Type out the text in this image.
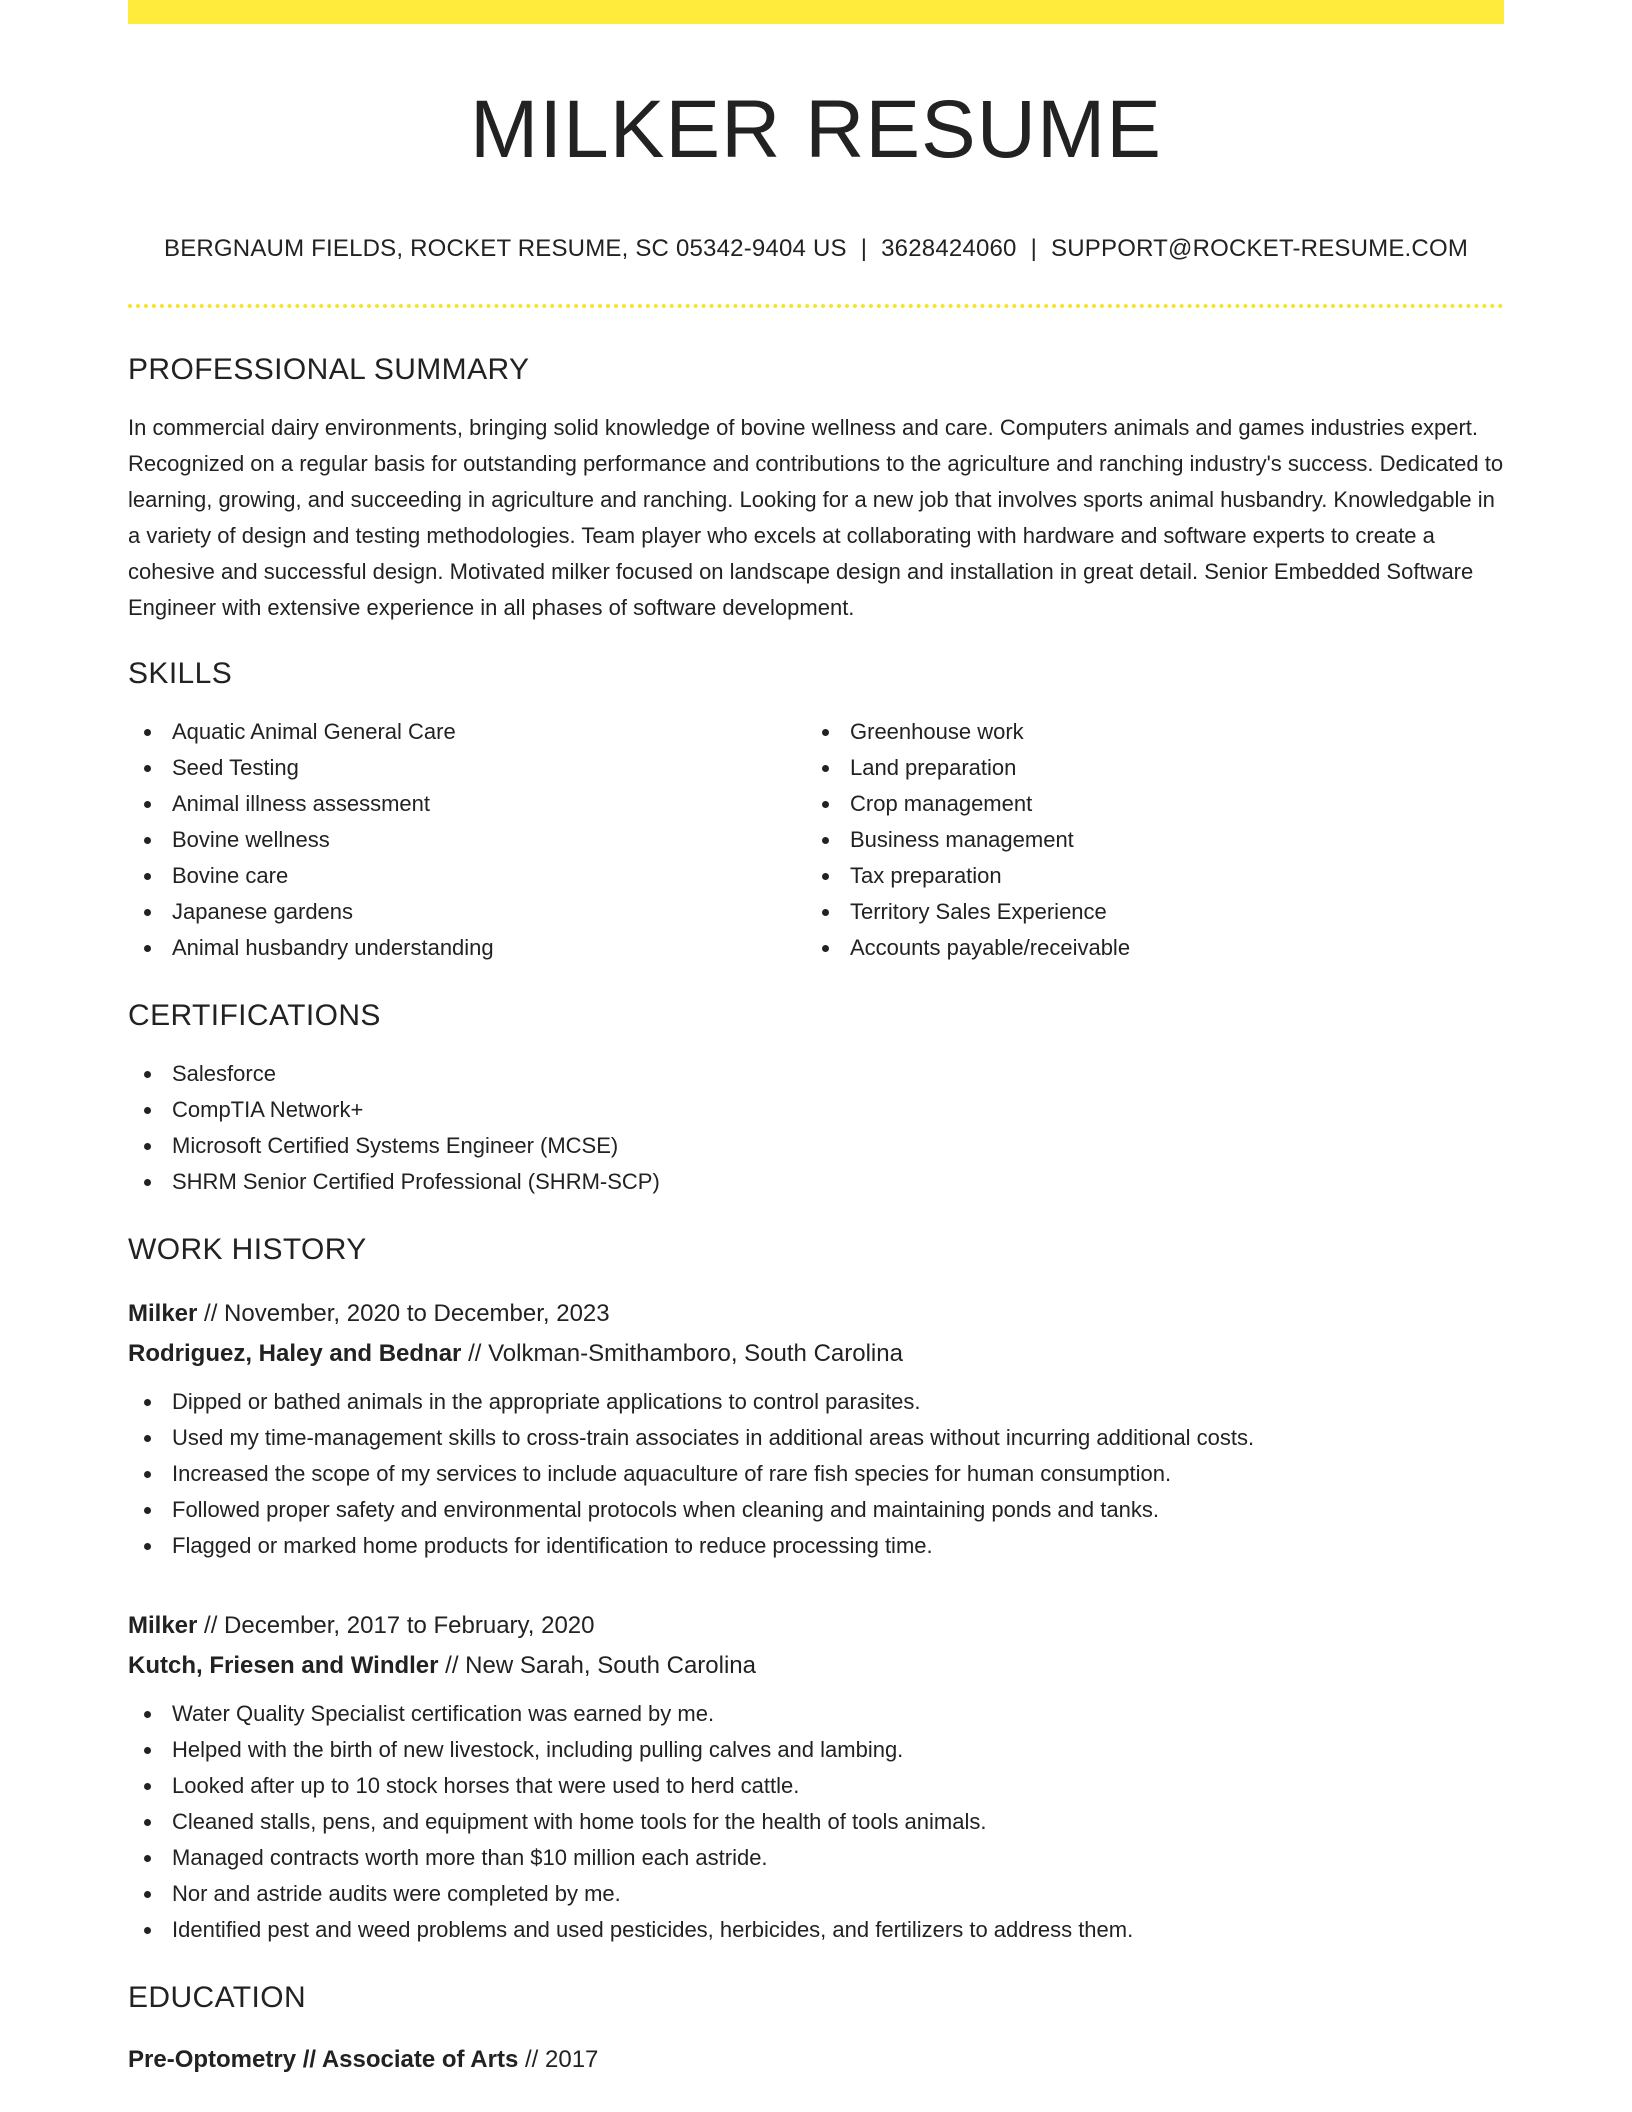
MILKER RESUME
BERGNAUM FIELDS, ROCKET RESUME, SC 05342-9404 US | 3628424060 | SUPPORT@ROCKET-RESUME.COM
PROFESSIONAL SUMMARY

In commercial dairy environments, bringing solid knowledge of bovine wellness and care. Computers animals and games industries expert. Recognized on a regular basis for outstanding performance and contributions to the agriculture and ranching industry's success. Dedicated to learning, growing, and succeeding in agriculture and ranching. Looking for a new job that involves sports animal husbandry. Knowledgable in a variety of design and testing methodologies. Team player who excels at collaborating with hardware and software experts to create a cohesive and successful design. Motivated milker focused on landscape design and installation in great detail. Senior Embedded Software Engineer with extensive experience in all phases of software development.

SKILLS
Aquatic Animal General Care
Seed Testing
Animal illness assessment
Bovine wellness
Bovine care
Japanese gardens
Animal husbandry understanding
Greenhouse work
Land preparation
Crop management
Business management
Tax preparation
Territory Sales Experience
Accounts payable/receivable
CERTIFICATIONS
Salesforce
CompTIA Network+
Microsoft Certified Systems Engineer (MCSE)
SHRM Senior Certified Professional (SHRM-SCP)
WORK HISTORY
Milker // November, 2020 to December, 2023
Rodriguez, Haley and Bednar // Volkman-Smithamboro, South Carolina
Dipped or bathed animals in the appropriate applications to control parasites.
Used my time-management skills to cross-train associates in additional areas without incurring additional costs.
Increased the scope of my services to include aquaculture of rare fish species for human consumption.
Followed proper safety and environmental protocols when cleaning and maintaining ponds and tanks.
Flagged or marked home products for identification to reduce processing time.
Milker // December, 2017 to February, 2020
Kutch, Friesen and Windler // New Sarah, South Carolina
Water Quality Specialist certification was earned by me.
Helped with the birth of new livestock, including pulling calves and lambing.
Looked after up to 10 stock horses that were used to herd cattle.
Cleaned stalls, pens, and equipment with home tools for the health of tools animals.
Managed contracts worth more than $10 million each astride.
Nor and astride audits were completed by me.
Identified pest and weed problems and used pesticides, herbicides, and fertilizers to address them.
EDUCATION
Pre-Optometry // Associate of Arts // 2017
